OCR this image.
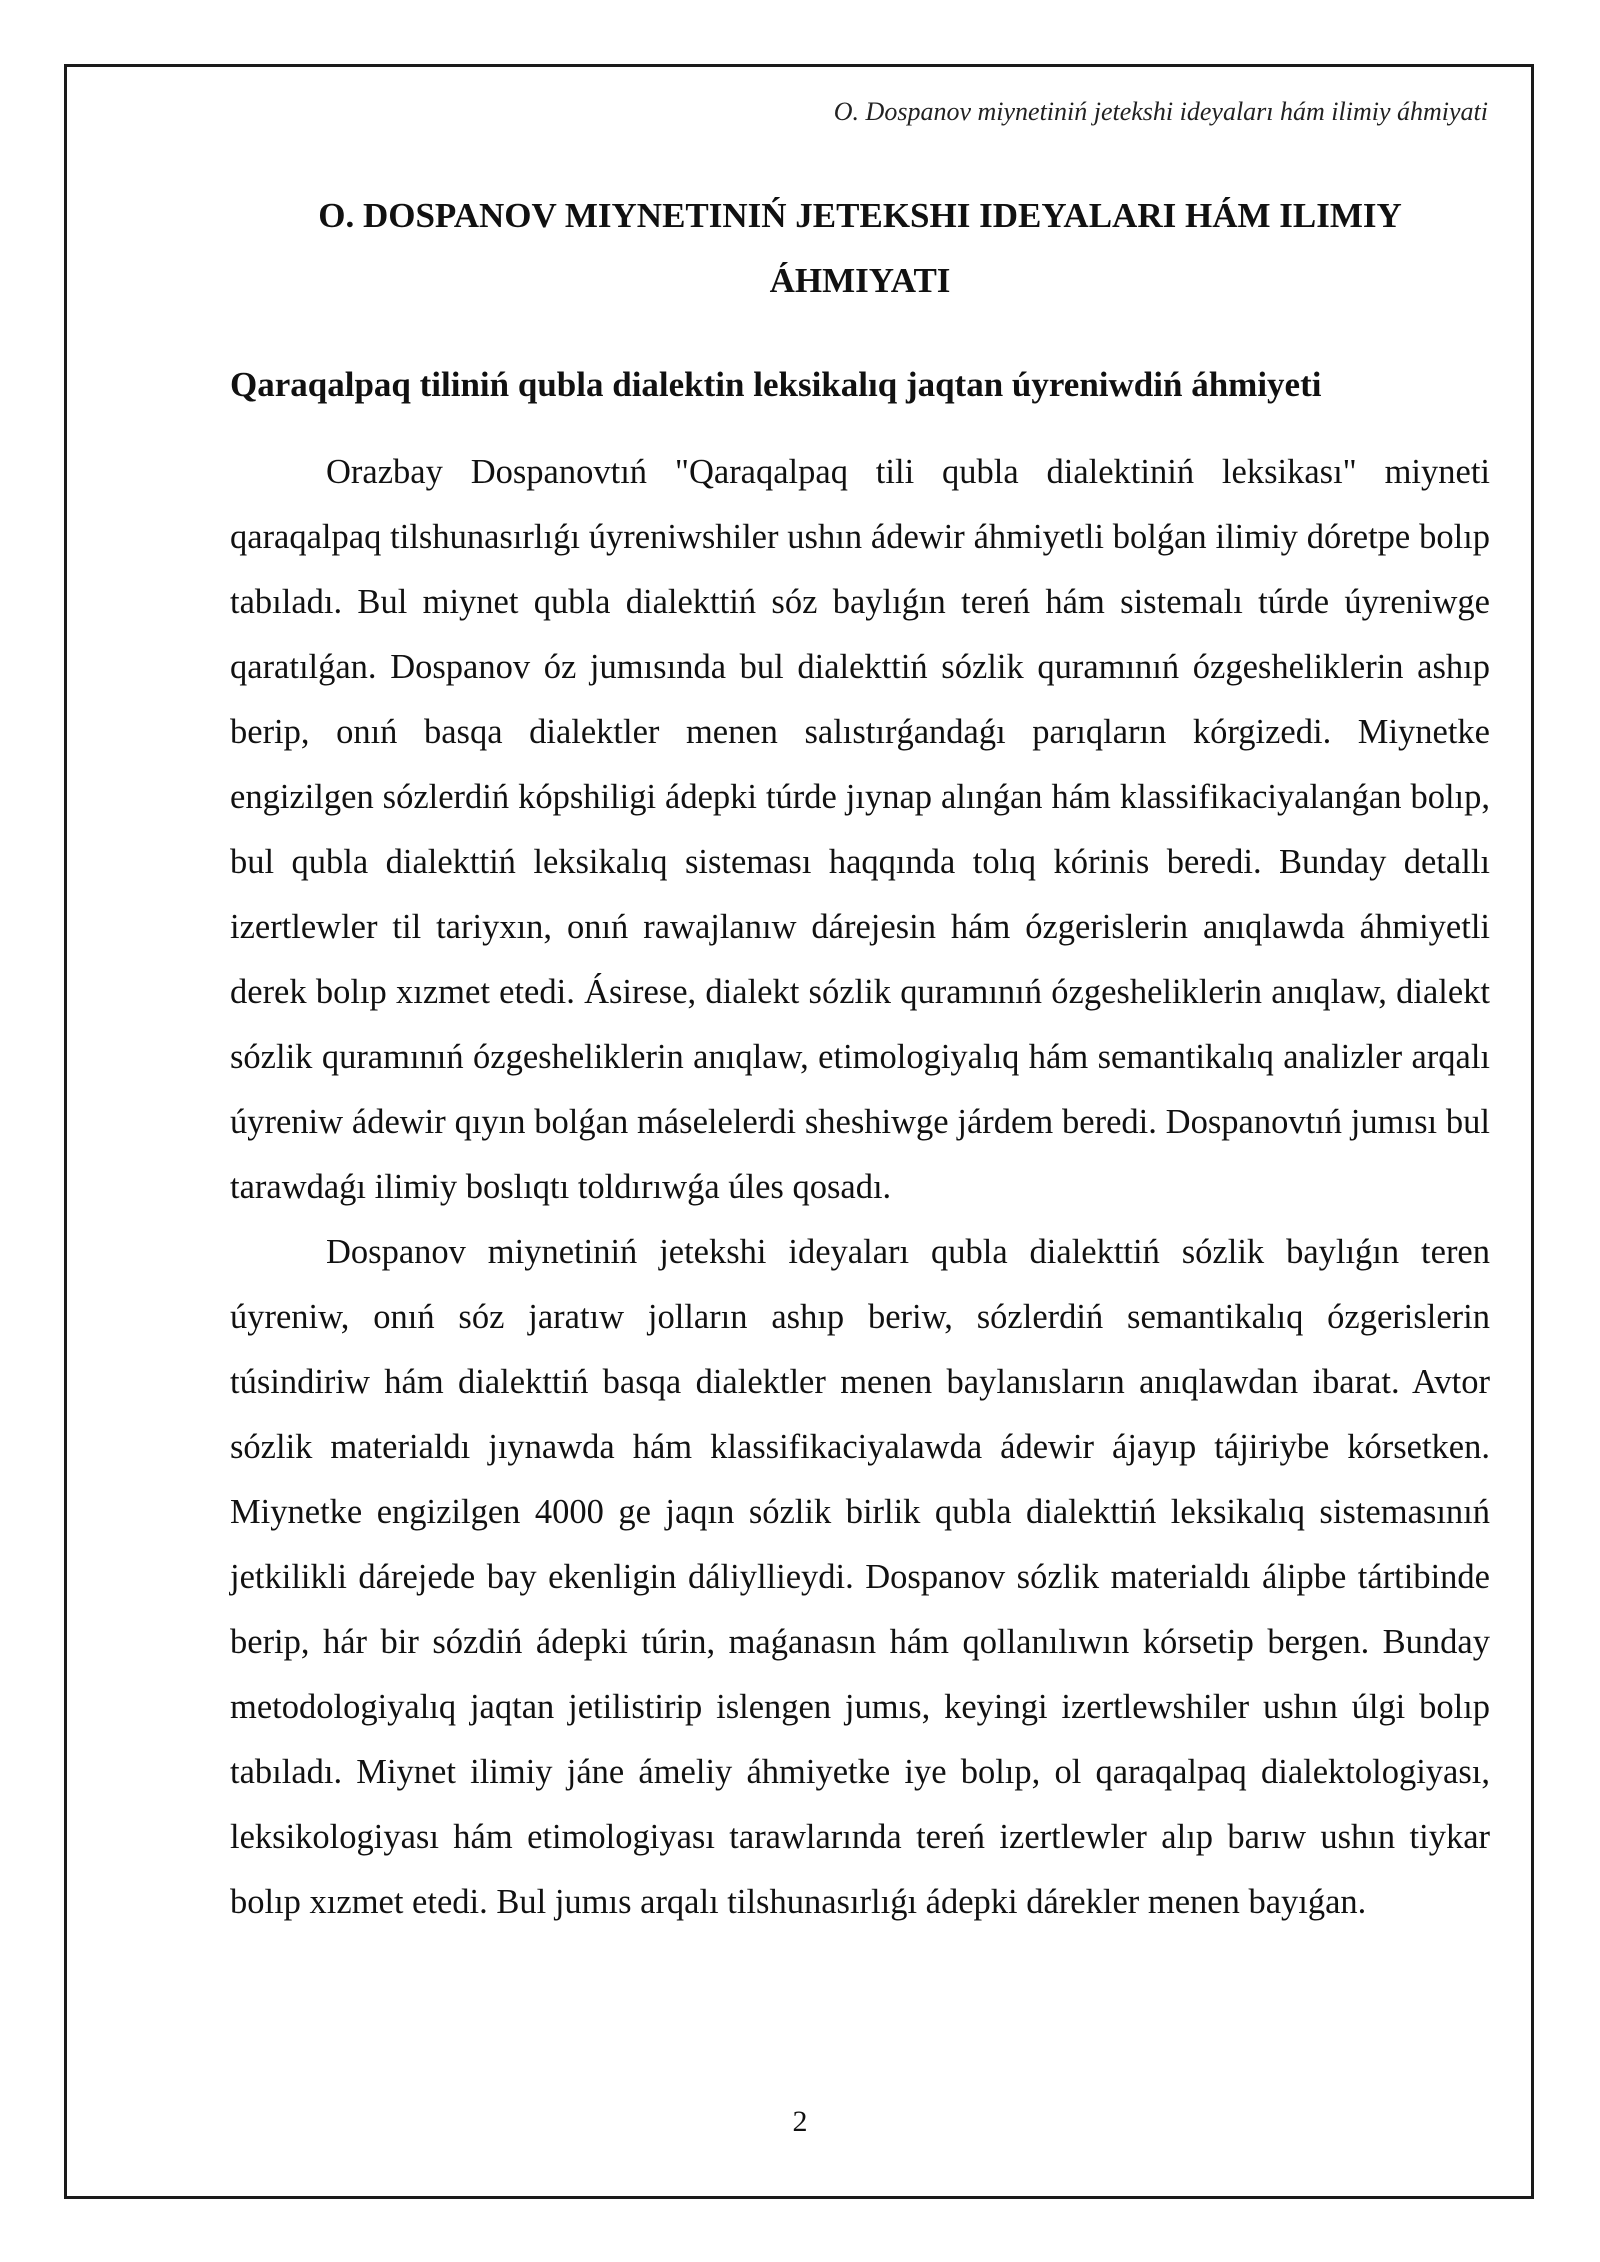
O. Dospanov miynetiniń jetekshi ideyaları hám ilimiy áhmiyati
O. DOSPANOV MIYNETINIŃ JETEKSHI IDEYALARI HÁM ILIMIY ÁHMIYATI
Qaraqalpaq tiliniń qubla dialektin leksikalıq jaqtan úyreniwdiń áhmiyeti

Orazbay Dospanovtıń "Qaraqalpaq tili qubla dialektiniń leksikası" miyneti qaraqalpaq tilshunasırlıǵı úyreniwshiler ushın ádewir áhmiyetli bolǵan ilimiy dóretpe bolıp tabıladı. Bul miynet qubla dialekttiń sóz baylıǵın tereń hám sistemalı túrde úyreniwge qaratılǵan. Dospanov óz jumısında bul dialekttiń sózlik quramınıń ózgesheliklerin ashıp berip, onıń basqa dialektler menen salıstırǵandaǵı parıqların kórgizedi. Miynetke engizilgen sózlerdiń kópshiligi ádepki túrde jıynap alınǵan hám klassifikaciyalanǵan bolıp, bul qubla dialekttiń leksikalıq sisteması haqqında tolıq kórinis beredi. Bunday detallı izertlewler til tariyxın, onıń rawajlanıw dárejesin hám ózgerislerin anıqlawda áhmiyetli derek bolıp xızmet etedi. Ásirese, dialekt sózlik quramınıń ózgesheliklerin anıqlaw, dialekt sózlik quramınıń ózgesheliklerin anıqlaw, etimologiyalıq hám semantikalıq analizler arqalı úyreniw ádewir qıyın bolǵan máselelerdi sheshiwge járdem beredi. Dospanovtıń jumısı bul tarawdaǵı ilimiy boslıqtı toldırıwǵa úles qosadı.

Dospanov miynetiniń jetekshi ideyaları qubla dialekttiń sózlik baylıǵın teren úyreniw, onıń sóz jaratıw jolların ashıp beriw, sózlerdiń semantikalıq ózgerislerin túsindiriw hám dialekttiń basqa dialektler menen baylanısların anıqlawdan ibarat. Avtor sózlik materialdı jıynawda hám klassifikaciyalawda ádewir ájayıp tájiriybe kórsetken. Miynetke engizilgen 4000 ge jaqın sózlik birlik qubla dialekttiń leksikalıq sistemasınıń jetkilikli dárejede bay ekenligin dáliyllieydi. Dospanov sózlik materialdı álipbe tártibinde berip, hár bir sózdiń ádepki túrin, maǵanasın hám qollanılıwın kórsetip bergen. Bunday metodologiyalıq jaqtan jetilistirip islengen jumıs, keyingi izertlewshiler ushın úlgi bolıp tabıladı. Miynet ilimiy jáne ámeliy áhmiyetke iye bolıp, ol qaraqalpaq dialektologiyası, leksikologiyası hám etimologiyası tarawlarında tereń izertlewler alıp barıw ushın tiykar bolıp xızmet etedi. Bul jumıs arqalı tilshunasırlıǵı ádepki dárekler menen bayıǵan.

2
